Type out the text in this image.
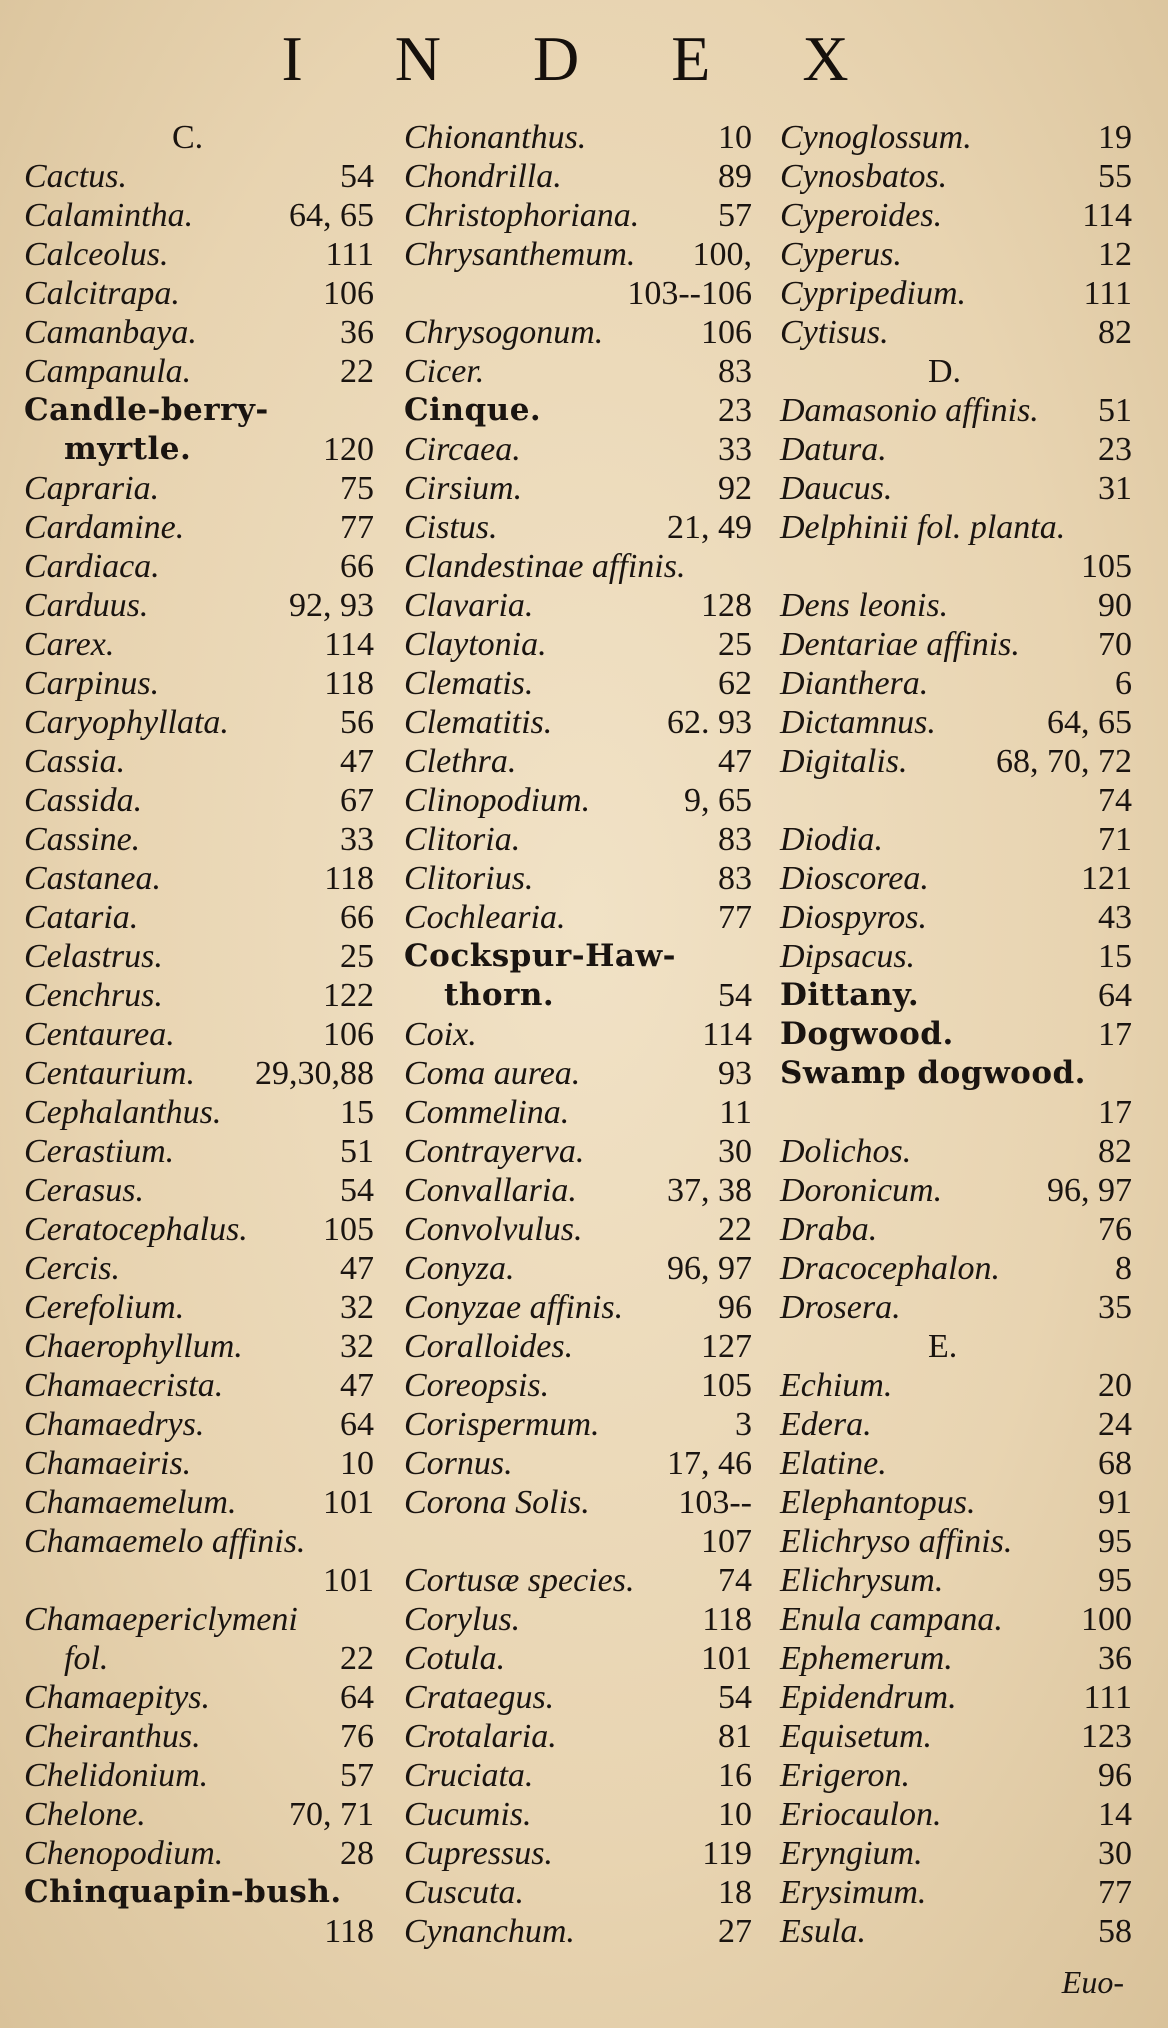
I N D E X
C.
Cactus.	54
Calamintha.	64, 65
Calceolus.	111
Calcitrapa.	106
Camanbaya.	36
Campanula.	22
Candle-berry-
myrtle.	120
Capraria.	75
Cardamine.	77
Cardiaca.	66
Carduus.	92, 93
Carex.	114
Carpinus.	118
Caryophyllata.	56
Cassia.	47
Cassida.	67
Cassine.	33
Castanea.	118
Cataria.	66
Celastrus.	25
Cenchrus.	122
Centaurea.	106
Centaurium. 29,30,88
Cephalanthus.	15
Cerastium.	51
Cerasus.	54
Ceratocephalus. 105
Cercis.	47
Cerefolium.	32
Chaerophyllum.	32
Chamaecrista.	47
Chamaedrys.	64
Chamaeiris.	10
Chamaemelum.	101
Chamaemelo affinis.
101
Chamaepericlymeni
fol.	22
Chamaepitys.	64
Cheiranthus.	76
Chelidonium.	57
Chelone.	70, 71
Chenopodium.	28
Chinquapin-bush.
118
Chionanthus.	10
Chondrilla.	89
Christophoriana. 57
Chrysanthemum. 100,
103--106
Chrysogonum.	106
Cicer.	83
Cinque.	23
Circaea.	33
Cirsium.	92
Cistus.	21, 49
Clandestinae affinis.
Clavaria.	128
Claytonia.	25
Clematis.	62
Clematitis.	62. 93
Clethra.	47
Clinopodium.	9, 65
Clitoria.	83
Clitorius.	83
Cochlearia.	77
Cockspur-Haw-
thorn.	54
Coix.	114
Coma aurea.	93
Commelina.	11
Contrayerva.	30
Convallaria.	37, 38
Convolvulus.	22
Conyza.	96, 97
Conyzae affinis.	96
Coralloides.	127
Coreopsis.	105
Corispermum.	3
Cornus.	17, 46
Corona Solis.	103--
107
Cortusæ species. 74
Corylus.	118
Cotula.	101
Crataegus.	54
Crotalaria.	81
Cruciata.	16
Cucumis.	10
Cupressus.	119
Cuscuta.	18
Cynanchum.	27
Cynoglossum.	19
Cynosbatos.	55
Cyperoides.	114
Cyperus.	12
Cypripedium.	111
Cytisus.	82
D.
Damasonio affinis. 51
Datura.	23
Daucus.	31
Delphinii fol. planta.
105
Dens leonis.	90
Dentariae affinis. 70
Dianthera.	6
Dictamnus.	64, 65
Digitalis.	68, 70, 72
74
Diodia.	71
Dioscorea.	121
Diospyros.	43
Dipsacus.	15
Dittany.	64
Dogwood.	17
Swamp dogwood.
17
Dolichos.	82
Doronicum.	96, 97
Draba.	76
Dracocephalon.	8
Drosera.	35
E.
Echium.	20
Edera.	24
Elatine.	68
Elephantopus.	91
Elichryso affinis.	95
Elichrysum.	95
Enula campana. 100
Ephemerum.	36
Epidendrum.	111
Equisetum.	123
Erigeron.	96
Eriocaulon.	14
Eryngium.	30
Erysimum.	77
Esula.	58
Euo-
